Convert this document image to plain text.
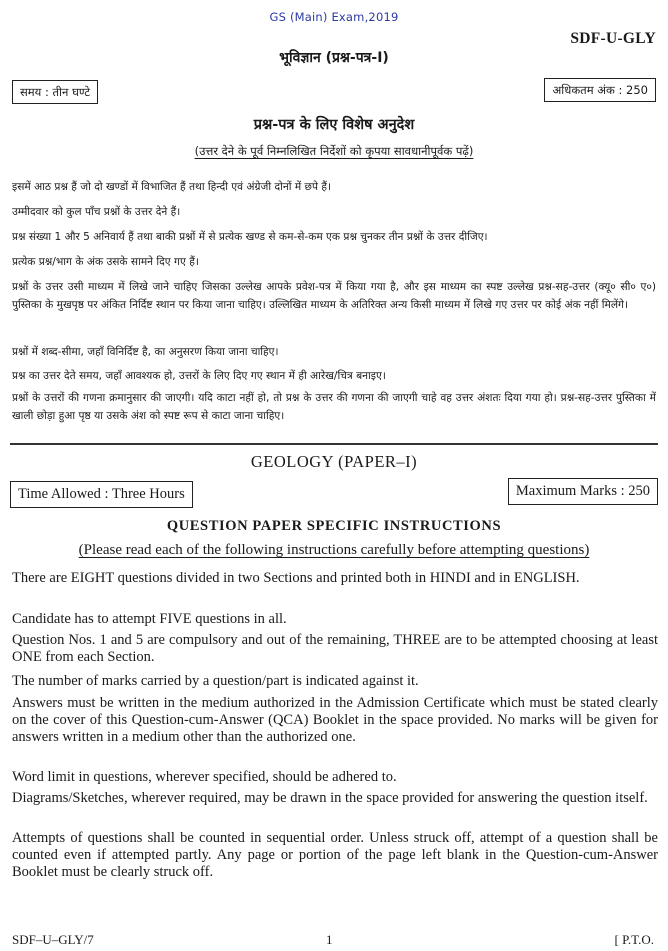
GS (Main) Exam,2019
SDF-U-GLY
भूविज्ञान (प्रश्न-पत्र-I)
समय : तीन घण्टे	अधिकतम अंक : 250
प्रश्न-पत्र के लिए विशेष अनुदेश
(उत्तर देने के पूर्व निम्नलिखित निर्देशों को कृपया सावधानीपूर्वक पढ़ें)
इसमें आठ प्रश्न हैं जो दो खण्डों में विभाजित हैं तथा हिन्दी एवं अंग्रेजी दोनों में छपे हैं।
उम्मीदवार को कुल पाँच प्रश्नों के उत्तर देने हैं।
प्रश्न संख्या 1 और 5 अनिवार्य हैं तथा बाकी प्रश्नों में से प्रत्येक खण्ड से कम-से-कम एक प्रश्न चुनकर तीन प्रश्नों के उत्तर दीजिए।
प्रत्येक प्रश्न/भाग के अंक उसके सामने दिए गए हैं।
प्रश्नों के उत्तर उसी माध्यम में लिखे जाने चाहिए जिसका उल्लेख आपके प्रवेश-पत्र में किया गया है, और इस माध्यम का स्पष्ट उल्लेख प्रश्न-सह-उत्तर (क्यू० सी० ए०) पुस्तिका के मुखपृष्ठ पर अंकित निर्दिष्ट स्थान पर किया जाना चाहिए। उल्लिखित माध्यम के अतिरिक्त अन्य किसी माध्यम में लिखे गए उत्तर पर कोई अंक नहीं मिलेंगे।
प्रश्नों में शब्द-सीमा, जहाँ विनिर्दिष्ट है, का अनुसरण किया जाना चाहिए।
प्रश्न का उत्तर देते समय, जहाँ आवश्यक हो, उत्तरों के लिए दिए गए स्थान में ही आरेख/चित्र बनाइए।
प्रश्नों के उत्तरों की गणना क्रमानुसार की जाएगी। यदि काटा नहीं हो, तो प्रश्न के उत्तर की गणना की जाएगी चाहे वह उत्तर अंशतः दिया गया हो। प्रश्न-सह-उत्तर पुस्तिका में खाली छोड़ा हुआ पृष्ठ या उसके अंश को स्पष्ट रूप से काटा जाना चाहिए।
GEOLOGY (PAPER–I)
Time Allowed : Three Hours	Maximum Marks : 250
QUESTION PAPER SPECIFIC INSTRUCTIONS
(Please read each of the following instructions carefully before attempting questions)
There are EIGHT questions divided in two Sections and printed both in HINDI and in ENGLISH.
Candidate has to attempt FIVE questions in all.
Question Nos. 1 and 5 are compulsory and out of the remaining, THREE are to be attempted choosing at least ONE from each Section.
The number of marks carried by a question/part is indicated against it.
Answers must be written in the medium authorized in the Admission Certificate which must be stated clearly on the cover of this Question-cum-Answer (QCA) Booklet in the space provided. No marks will be given for answers written in a medium other than the authorized one.
Word limit in questions, wherever specified, should be adhered to.
Diagrams/Sketches, wherever required, may be drawn in the space provided for answering the question itself.
Attempts of questions shall be counted in sequential order. Unless struck off, attempt of a question shall be counted even if attempted partly. Any page or portion of the page left blank in the Question-cum-Answer Booklet must be clearly struck off.
SDF–U–GLY/7	1	[ P.T.O.
